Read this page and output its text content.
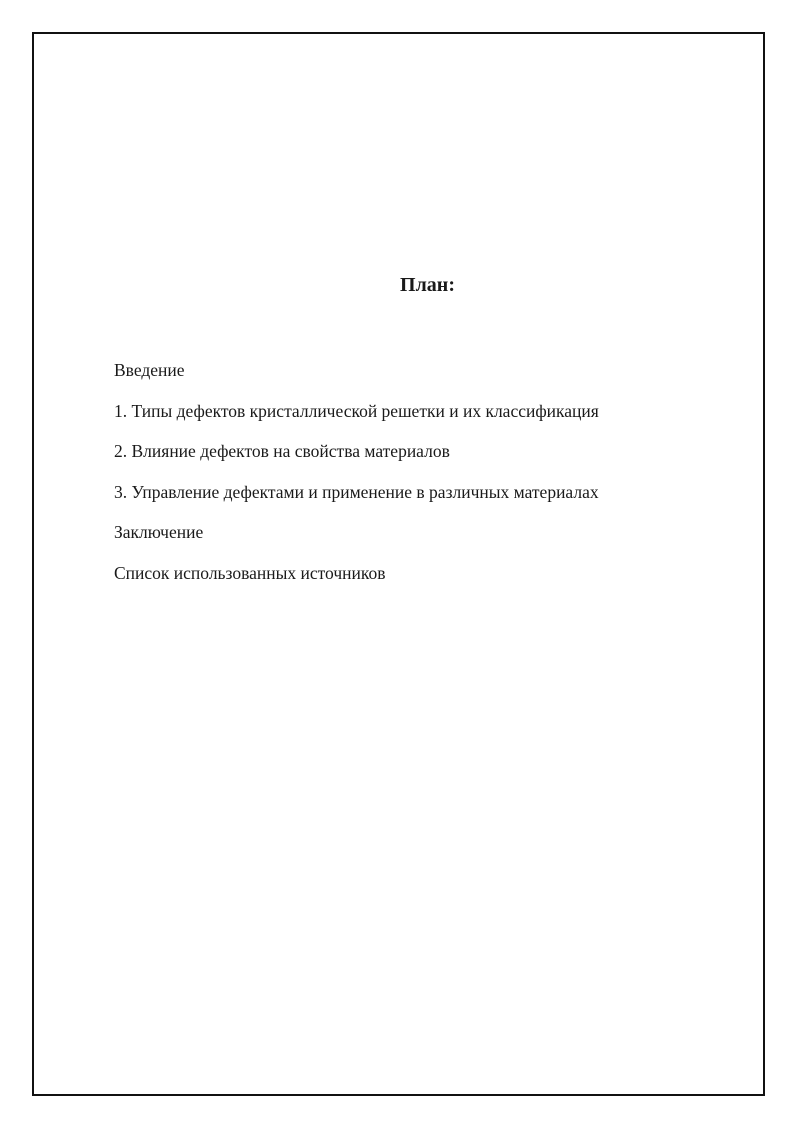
План:
Введение
1. Типы дефектов кристаллической решетки и их классификация
2. Влияние дефектов на свойства материалов
3. Управление дефектами и применение в различных материалах
Заключение
Список использованных источников
